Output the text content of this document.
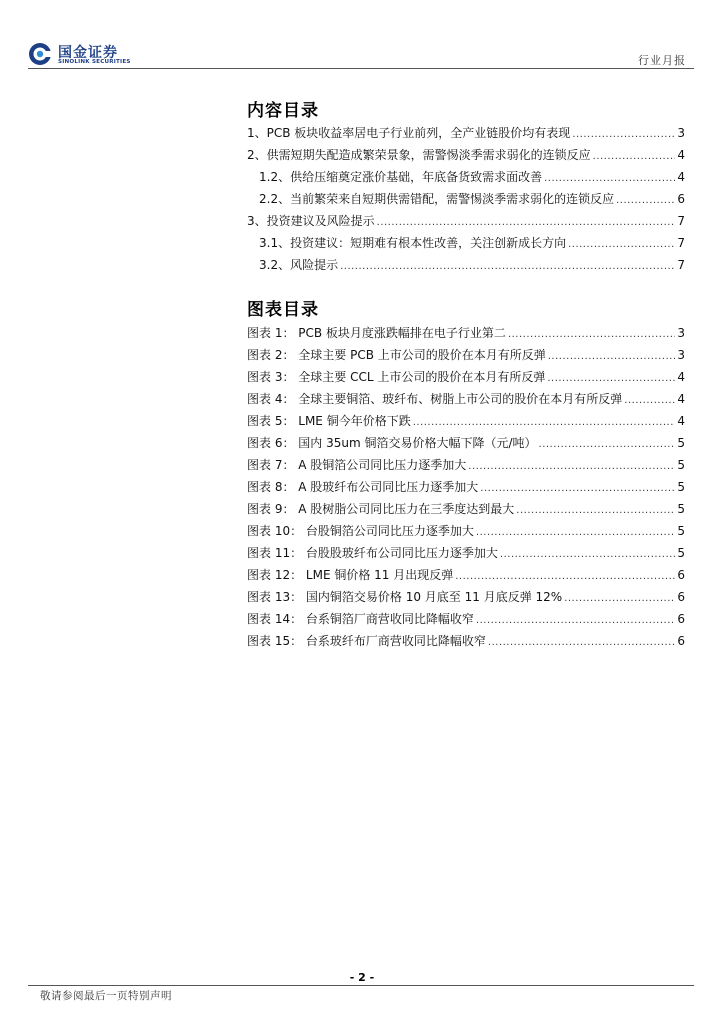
国金证券
SINOLINK SECURITIES	行业月报
内容目录
1、PCB 板块收益率居电子行业前列，全产业链股价均有表现 .....	3
2、供需短期失配造成繁荣景象，需警惕淡季需求弱化的连锁反应 .....	4
1.2、供给压缩奠定涨价基础，年底备货致需求面改善 .....	4
2.2、当前繁荣来自短期供需错配，需警惕淡季需求弱化的连锁反应 .....	6
3、投资建议及风险提示 .....	7
3.1、投资建议：短期难有根本性改善，关注创新成长方向 .....	7
3.2、风险提示 .....	7
图表目录
图表 1： PCB 板块月度涨跌幅排在电子行业第二 .....	3
图表 2： 全球主要 PCB 上市公司的股价在本月有所反弹 .....	3
图表 3： 全球主要 CCL 上市公司的股价在本月有所反弹 .....	4
图表 4： 全球主要铜箔、玻纤布、树脂上市公司的股价在本月有所反弹 .....	4
图表 5： LME 铜今年价格下跌 .....	4
图表 6： 国内 35um 铜箔交易价格大幅下降（元/吨） .....	5
图表 7： A 股铜箔公司同比压力逐季加大 .....	5
图表 8： A 股玻纤布公司同比压力逐季加大 .....	5
图表 9： A 股树脂公司同比压力在三季度达到最大 .....	5
图表 10： 台股铜箔公司同比压力逐季加大 .....	5
图表 11： 台股股玻纤布公司同比压力逐季加大 .....	5
图表 12： LME 铜价格 11 月出现反弹 .....	6
图表 13： 国内铜箔交易价格 10 月底至 11 月底反弹 12% .....	6
图表 14： 台系铜箔厂商营收同比降幅收窄 .....	6
图表 15： 台系玻纤布厂商营收同比降幅收窄 .....	6
- 2 -
敬请参阅最后一页特别声明
